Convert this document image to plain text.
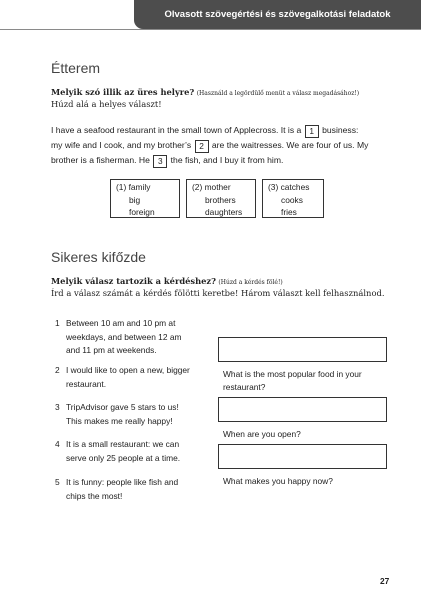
Olvasott szövegértési és szövegalkotási feladatok
Étterem
Melyik szó illik az üres helyre? (Használd a legördülő menüt a válasz megadásához!)
Húzd alá a helyes választ!
I have a seafood restaurant in the small town of Applecross. It is a 1 business:
my wife and I cook, and my brother’s 2 are the waitresses. We are four of us. My
brother is a fisherman. He 3 the fish, and I buy it from him.
(1) family
big
foreign
(2) mother
brothers
daughters
(3) catches
cooks
fries
Sikeres kifőzde
Melyik válasz tartozik a kérdéshez? (Húzd a kérdés fölé!)
Írd a válasz számát a kérdés fölötti keretbe! Három választ kell felhasználnod.
1 Between 10 am and 10 pm at
weekdays, and between 12 am
and 11 pm at weekends.
2 I would like to open a new, bigger
restaurant.
3 TripAdvisor gave 5 stars to us!
This makes me really happy!
4 It is a small restaurant: we can
serve only 25 people at a time.
5 It is funny: people like fish and
chips the most!
What is the most popular food in your
restaurant?
When are you open?
What makes you happy now?
27
